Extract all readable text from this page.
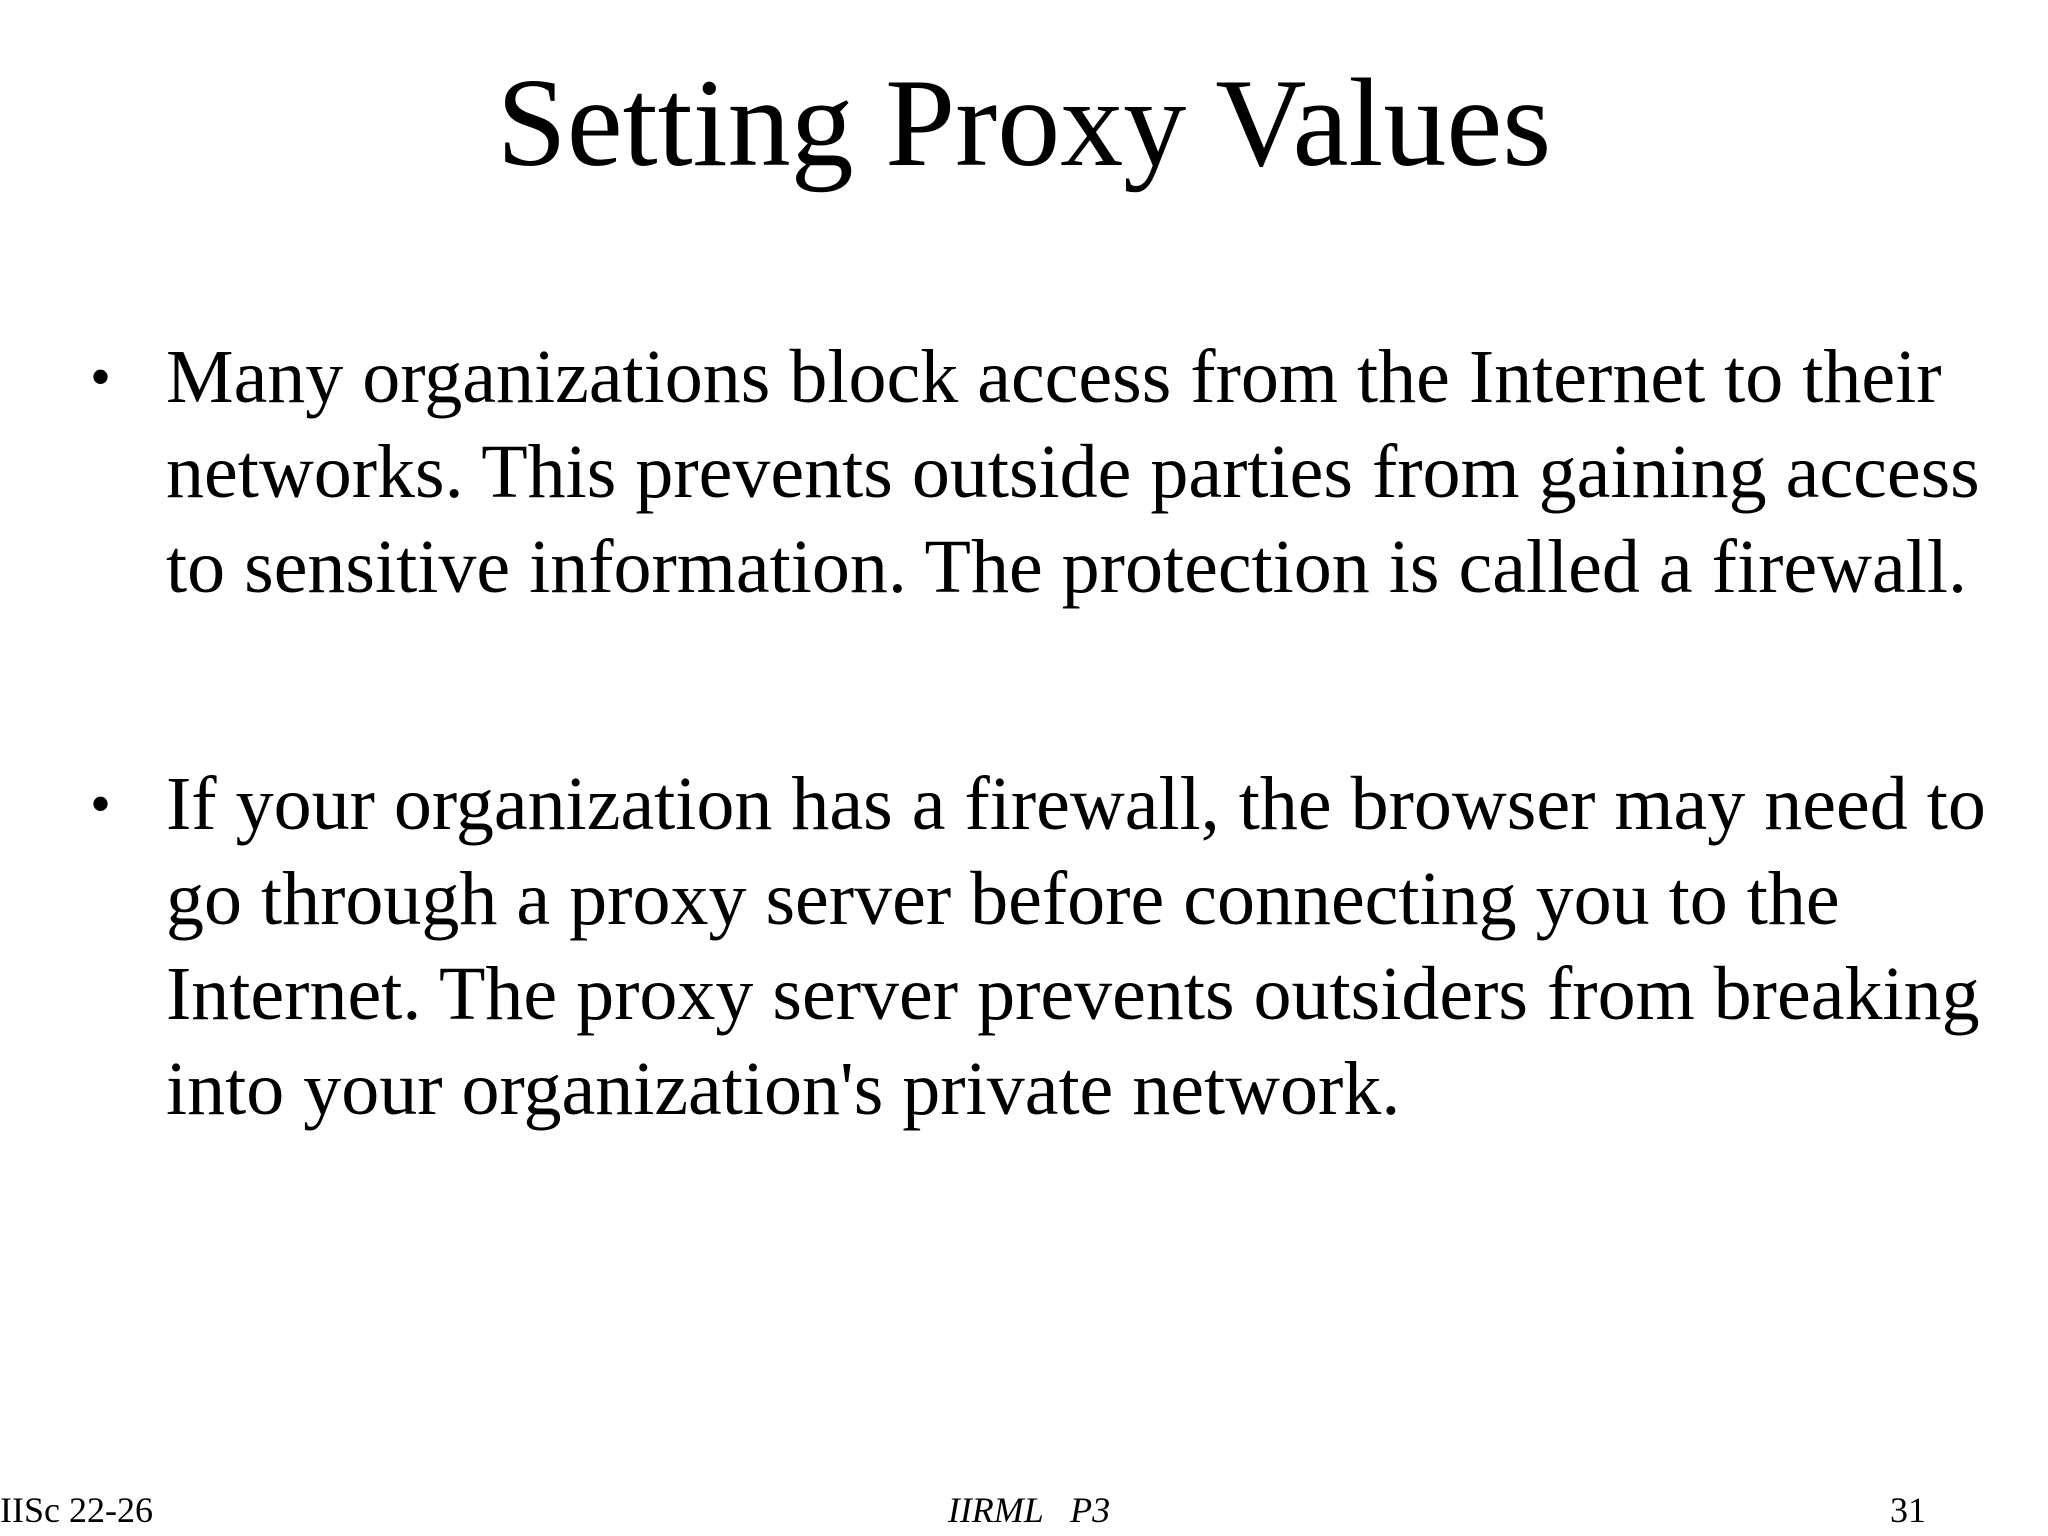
Setting Proxy Values
• Many organizations block access from the Internet to their networks. This prevents outside parties from gaining access to sensitive information. The protection is called a firewall.
• If your organization has a firewall, the browser may need to go through a proxy server before connecting you to the Internet. The proxy server prevents outsiders from breaking into your organization's private network.
IISc 22-26	IIRML   P3	31
